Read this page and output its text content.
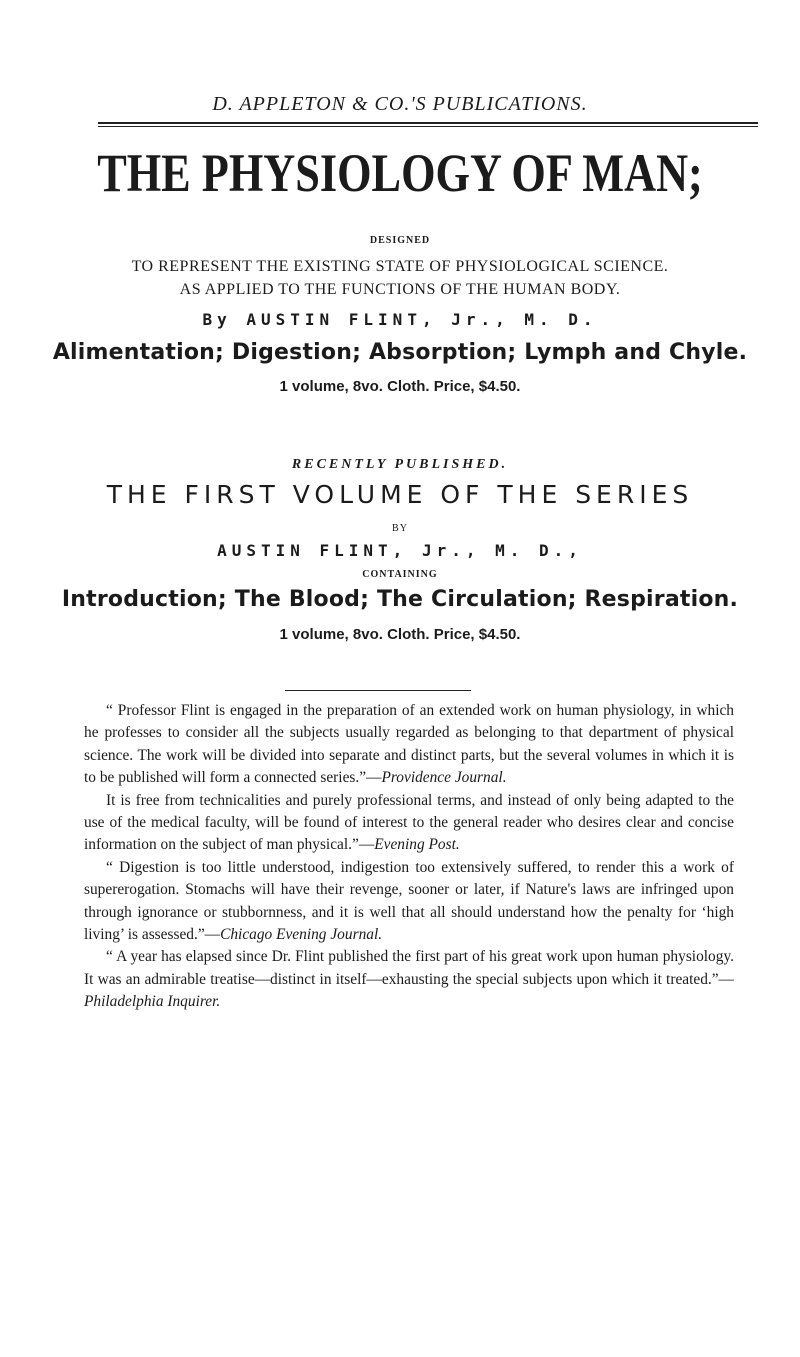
D. APPLETON & CO.'S PUBLICATIONS.
THE PHYSIOLOGY OF MAN;
DESIGNED
TO REPRESENT THE EXISTING STATE OF PHYSIOLOGICAL SCIENCE.
AS APPLIED TO THE FUNCTIONS OF THE HUMAN BODY.
By AUSTIN FLINT, Jr., M. D.
Alimentation; Digestion; Absorption; Lymph and Chyle.
1 volume, 8vo. Cloth. Price, $4.50.
RECENTLY PUBLISHED.
THE FIRST VOLUME OF THE SERIES
BY
AUSTIN FLINT, Jr., M. D.,
CONTAINING
Introduction; The Blood; The Circulation; Respiration.
1 volume, 8vo. Cloth. Price, $4.50.

“ Professor Flint is engaged in the preparation of an extended work on human physiology, in which he professes to consider all the subjects usually regarded as belonging to that department of physical science. The work will be divided into separate and distinct parts, but the several volumes in which it is to be published will form a connected series.”—Providence Journal.

It is free from technicalities and purely professional terms, and instead of only being adapted to the use of the medical faculty, will be found of interest to the general reader who desires clear and concise information on the subject of man physical.”—Evening Post.

“ Digestion is too little understood, indigestion too extensively suffered, to render this a work of supererogation. Stomachs will have their revenge, sooner or later, if Nature's laws are infringed upon through ignorance or stubbornness, and it is well that all should understand how the penalty for ‘high living’ is assessed.”—Chicago Evening Journal.

“ A year has elapsed since Dr. Flint published the first part of his great work upon human physiology. It was an admirable treatise—distinct in itself—exhausting the special subjects upon which it treated.”—Philadelphia Inquirer.
